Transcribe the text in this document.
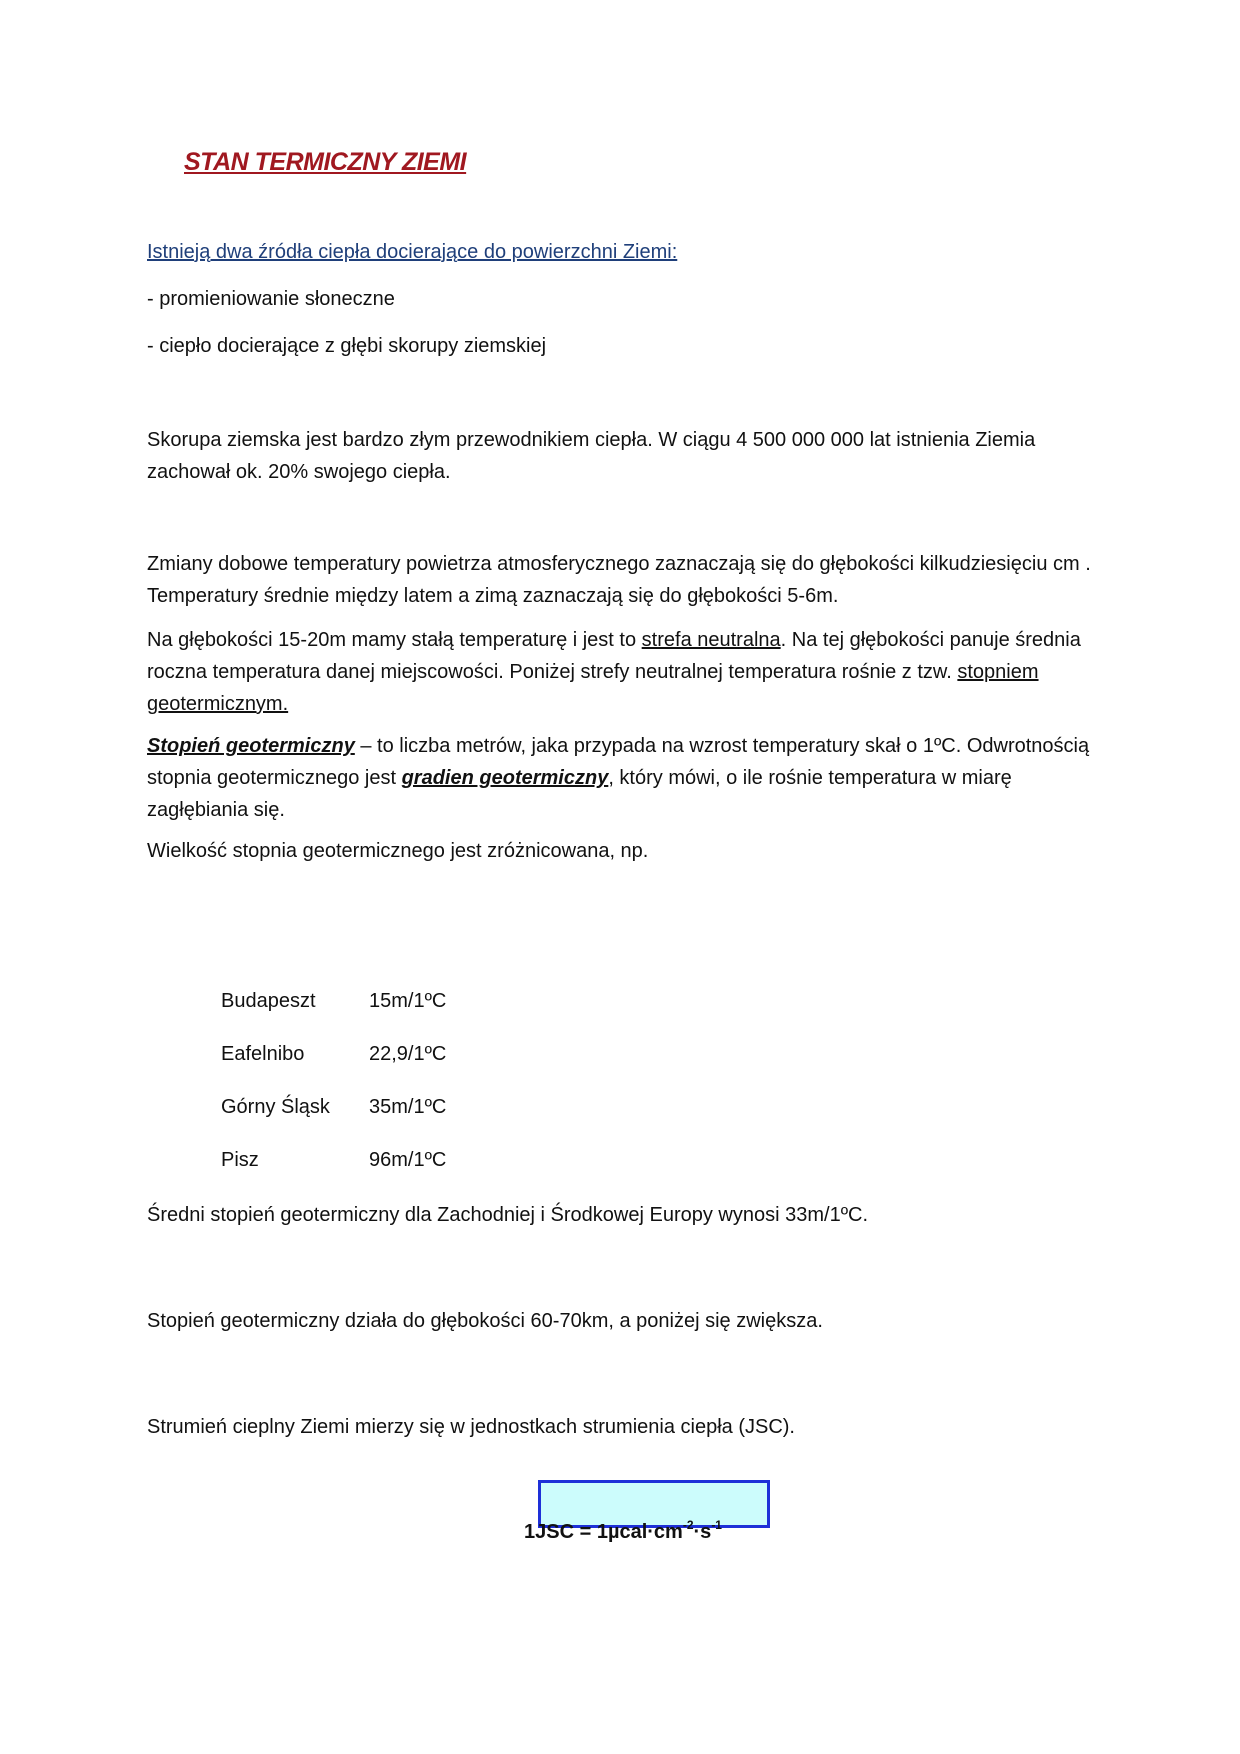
STAN TERMICZNY ZIEMI

Istnieją dwa źródła ciepła docierające do powierzchni Ziemi:

- promieniowanie słoneczne

- ciepło docierające z głębi skorupy ziemskiej

Skorupa ziemska jest bardzo złym przewodnikiem ciepła. W ciągu 4 500 000 000 lat istnienia Ziemia zachował ok. 20% swojego ciepła.

Zmiany dobowe temperatury powietrza atmosferycznego zaznaczają się do głębokości kilkudziesięciu cm . Temperatury średnie między latem a zimą zaznaczają się do głębokości 5-6m.

Na głębokości 15-20m mamy stałą temperaturę i jest to strefa neutralna. Na tej głębokości panuje średnia roczna temperatura danej miejscowości. Poniżej strefy neutralnej temperatura rośnie z tzw. stopniem geotermicznym.

Stopień geotermiczny – to liczba metrów, jaka przypada na wzrost temperatury skał o 1ºC. Odwrotnością stopnia geotermicznego jest gradien geotermiczny, który mówi, o ile rośnie temperatura w miarę zagłębiania się.

Wielkość stopnia geotermicznego jest zróżnicowana, np.

Budapeszt	15m/1ºC
Eafelnibo	22,9/1ºC
Górny Śląsk 35m/1ºC
Pisz	96m/1ºC

Średni stopień geotermiczny dla Zachodniej i Środkowej Europy wynosi 33m/1ºC.

Stopień geotermiczny działa do głębokości 60-70km, a poniżej się zwiększa.

Strumień cieplny Ziemi mierzy się w jednostkach strumienia ciepła (JSC).

$1JSC = 1\mu cal\cdot cm^{-2}\cdot s^{-1}$
